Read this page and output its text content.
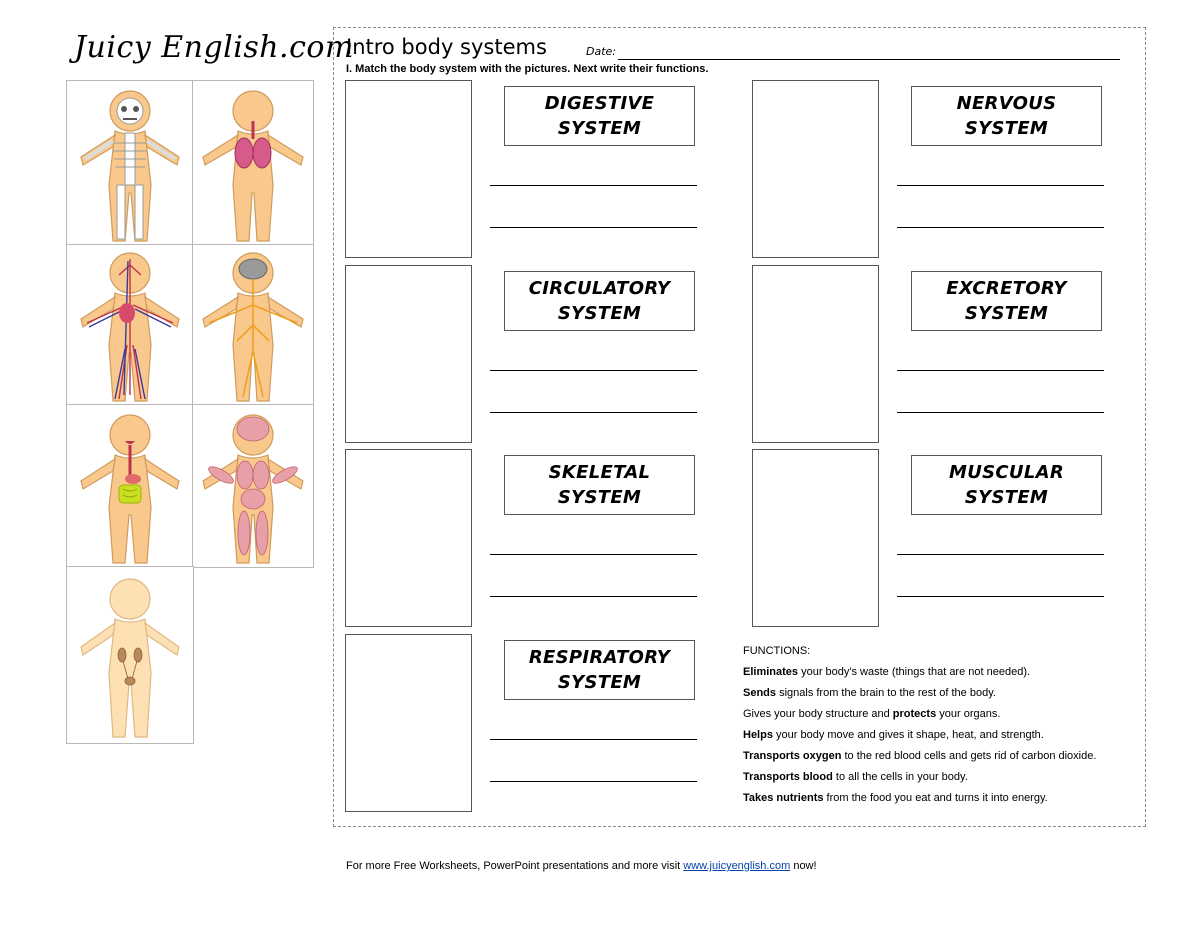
Juicy English.com
Intro body systems	Date:
I. Match the body system with the pictures. Next write their functions.
DIGESTIVE
SYSTEM
NERVOUS
SYSTEM
CIRCULATORY
SYSTEM
EXCRETORY
SYSTEM
SKELETAL
SYSTEM
MUSCULAR
SYSTEM
RESPIRATORY
SYSTEM
FUNCTIONS:
Eliminates your body's waste (things that are not needed).
Sends signals from the brain to the rest of the body.
Gives your body structure and protects your organs.
Helps your body move and gives it shape, heat, and strength.
Transports oxygen to the red blood cells and gets rid of carbon dioxide.
Transports blood to all the cells in your body.
Takes nutrients from the food you eat and turns it into energy.
For more Free Worksheets, PowerPoint presentations and more visit www.juicyenglish.com now!
